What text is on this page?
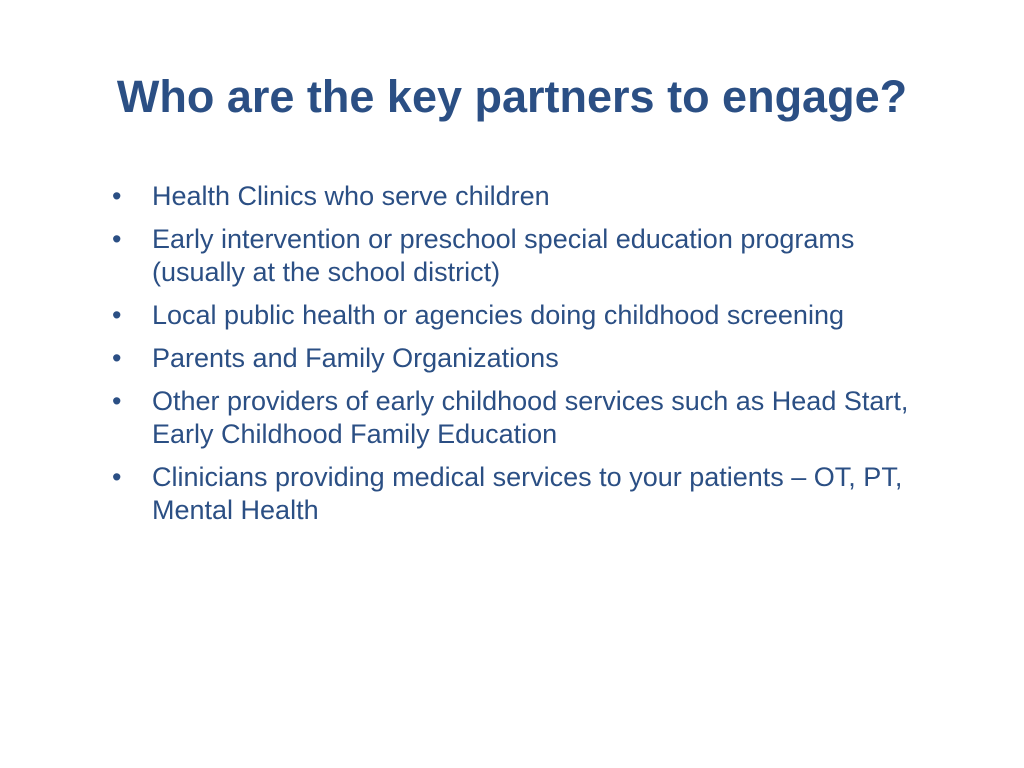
Who are the key partners to engage?
•	Health Clinics who serve children
•	Early intervention or preschool special education programs (usually at the school district)
•	Local public health or agencies doing childhood screening
•	Parents and Family Organizations
•	Other providers of early childhood services such as Head Start, Early Childhood Family Education
•	Clinicians providing medical services to your patients – OT, PT, Mental Health
